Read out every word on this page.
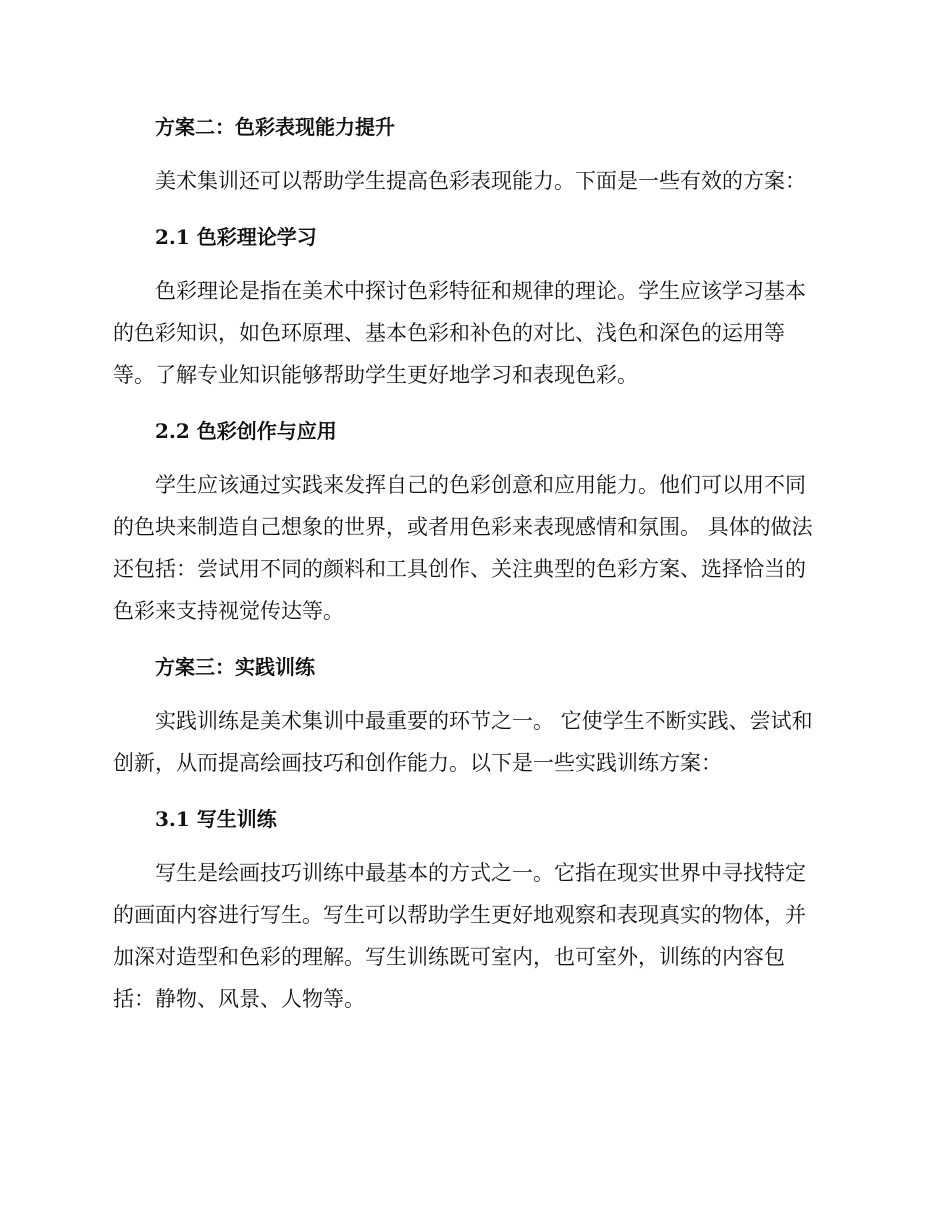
方案二：色彩表现能力提升
美术集训还可以帮助学生提高色彩表现能力。下面是一些有效的方案：
2.1 色彩理论学习
色彩理论是指在美术中探讨色彩特征和规律的理论。学生应该学习基本
的色彩知识，如色环原理、基本色彩和补色的对比、浅色和深色的运用等
等。了解专业知识能够帮助学生更好地学习和表现色彩。
2.2 色彩创作与应用
学生应该通过实践来发挥自己的色彩创意和应用能力。他们可以用不同
的色块来制造自己想象的世界，或者用色彩来表现感情和氛围。 具体的做法
还包括：尝试用不同的颜料和工具创作、关注典型的色彩方案、选择恰当的
色彩来支持视觉传达等。
方案三：实践训练
实践训练是美术集训中最重要的环节之一。 它使学生不断实践、尝试和
创新，从而提高绘画技巧和创作能力。以下是一些实践训练方案：
3.1 写生训练
写生是绘画技巧训练中最基本的方式之一。它指在现实世界中寻找特定
的画面内容进行写生。写生可以帮助学生更好地观察和表现真实的物体，并
加深对造型和色彩的理解。写生训练既可室内，也可室外，训练的内容包
括：静物、风景、人物等。
